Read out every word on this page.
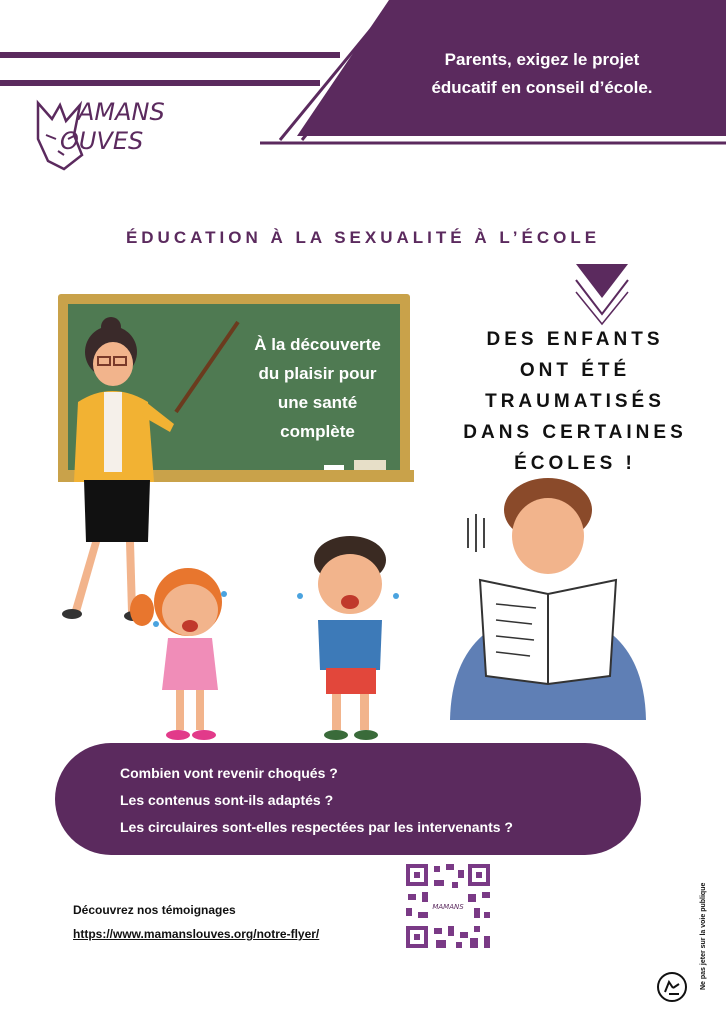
Parents, exigez le projet
éducatif en conseil d’école.
AMANS
OUVES
ÉDUCATION À LA SEXUALITÉ À L’ÉCOLE
À la découverte
du plaisir pour
une santé
complète
DES ENFANTS
ONT ÉTÉ
TRAUMATISÉS
DANS CERTAINES
ÉCOLES !
Combien vont revenir choqués ?
Les contenus sont-ils adaptés ?
Les circulaires sont-elles respectées par les intervenants ?
MAMANS
Découvrez nos témoignages
https://www.mamanslouves.org/notre-flyer/	Ne pas jeter sur la voie publique
